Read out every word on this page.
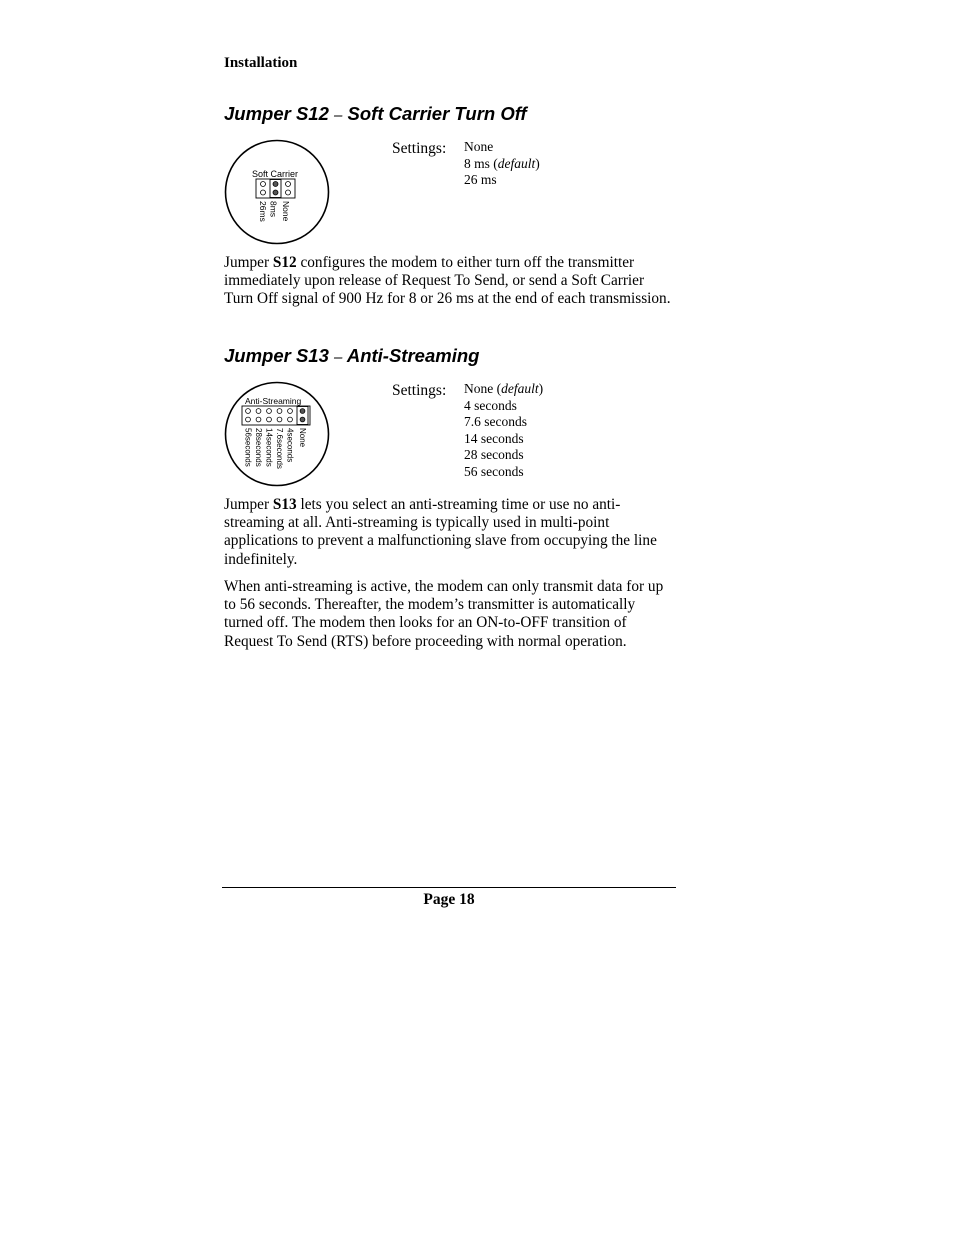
Installation
Jumper S12 – Soft Carrier Turn Off
Soft Carrier
None
8ms
26ms
Settings: None
8 ms (default)
26 ms
Jumper S12 configures the modem to either turn off the transmitter immediately upon release of Request To Send, or send a Soft Carrier Turn Off signal of 900 Hz for 8 or 26 ms at the end of each transmission.
Jumper S13 – Anti-Streaming
Anti-Streaming
None
4seconds
7.6seconds
14seconds
28seconds
56seconds
Settings: None (default)
4 seconds
7.6 seconds
14 seconds
28 seconds
56 seconds
Jumper S13 lets you select an anti-streaming time or use no anti-streaming at all. Anti-streaming is typically used in multi-point applications to prevent a malfunctioning slave from occupying the line indefinitely.
When anti-streaming is active, the modem can only transmit data for up to 56 seconds. Thereafter, the modem’s transmitter is automatically turned off. The modem then looks for an ON-to-OFF transition of Request To Send (RTS) before proceeding with normal operation.
Page 18
